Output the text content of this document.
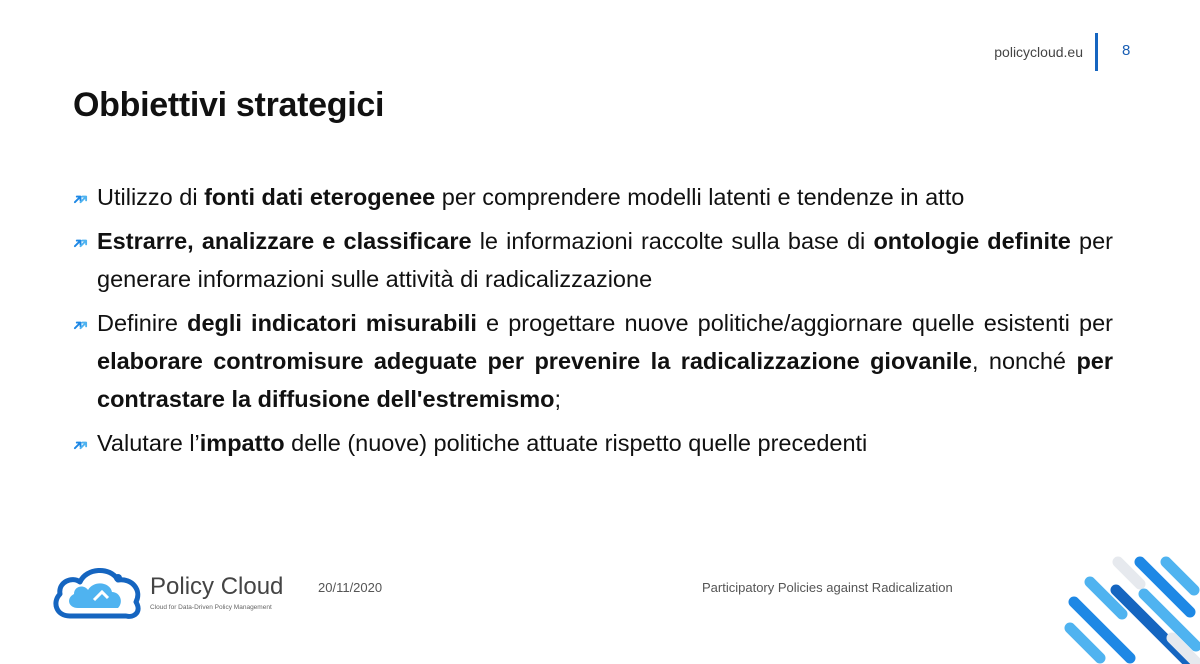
policycloud.eu	8
Obbiettivi strategici
Utilizzo di fonti dati eterogenee per comprendere modelli latenti e tendenze in atto
Estrarre, analizzare e classificare le informazioni raccolte sulla base di ontologie definite per generare informazioni sulle attività di radicalizzazione
Definire degli indicatori misurabili e progettare nuove politiche/aggiornare quelle esistenti per elaborare contromisure adeguate per prevenire la radicalizzazione giovanile, nonché per contrastare la diffusione dell'estremismo;
Valutare l’impatto delle (nuove) politiche attuate rispetto quelle precedenti
Policy Cloud
Cloud for Data-Driven Policy Management
20/11/2020	Participatory Policies against Radicalization
